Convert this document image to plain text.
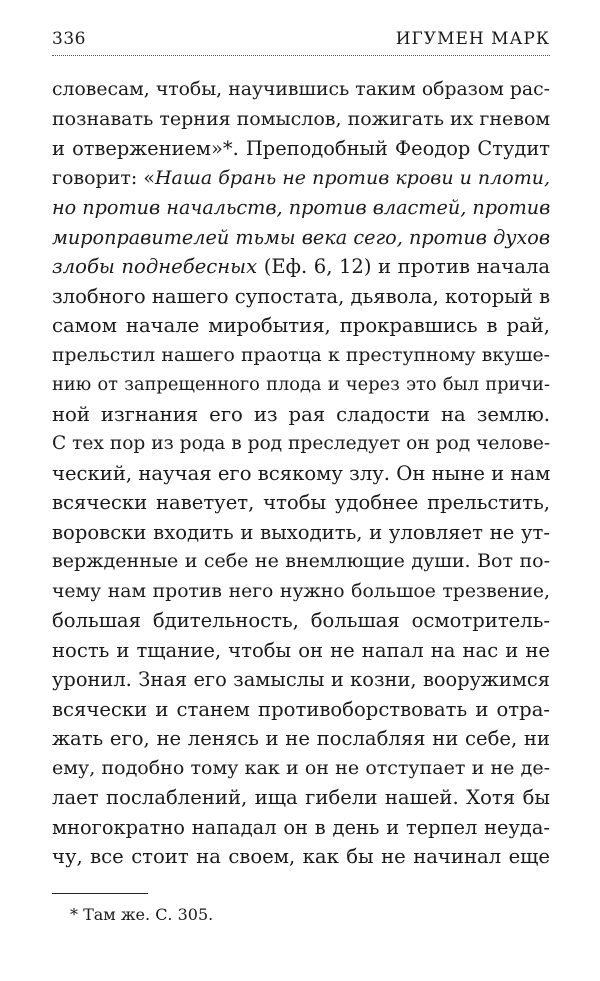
336	ИГУМЕН МАРК
словесам, чтобы, научившись таким образом рас-
познавать терния помыслов, пожигать их гневом
и отвержением»*. Преподобный Феодор Студит
говорит: «Наша брань не против крови и плоти,
но против начальств, против властей, против
мироправителей тьмы века сего, против духов
злобы поднебесных (Еф. 6, 12) и против начала
злобного нашего супостата, дьявола, который в
самом начале миробытия, прокравшись в рай,
прельстил нашего праотца к преступному вкуше-
нию от запрещенного плода и через это был причи-
ной изгнания его из рая сладости на землю.
С тех пор из рода в род преследует он род челове-
ческий, научая его всякому злу. Он ныне и нам
всячески наветует, чтобы удобнее прельстить,
воровски входить и выходить, и уловляет не ут-
вержденные и себе не внемлющие души. Вот по-
чему нам против него нужно большое трезвение,
большая бдительность, большая осмотритель-
ность и тщание, чтобы он не напал на нас и не
уронил. Зная его замыслы и козни, вооружимся
всячески и станем противоборствовать и отра-
жать его, не ленясь и не послабляя ни себе, ни
ему, подобно тому как и он не отступает и не де-
лает послаблений, ища гибели нашей. Хотя бы
многократно нападал он в день и терпел неуда-
чу, все стоит на своем, как бы не начинал еще
* Там же. С. 305.
